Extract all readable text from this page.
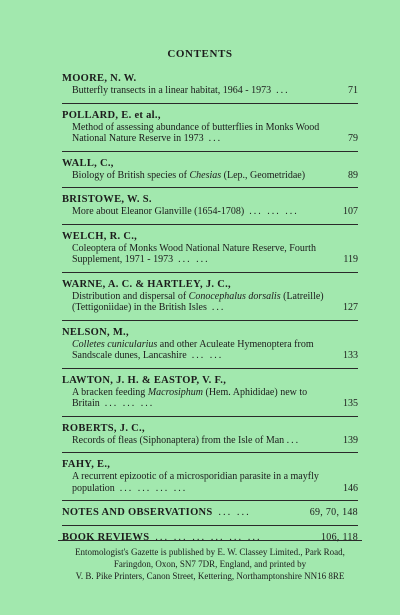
CONTENTS
MOORE, N. W.
Butterfly transects in a linear habitat, 1964 - 1973 ...	71
POLLARD, E. et al.,
Method of assessing abundance of butterflies in Monks Wood National Nature Reserve in 1973 ...	79
WALL, C.,
Biology of British species of Chesias (Lep., Geometridae)	89
BRISTOWE, W. S.
More about Eleanor Glanville (1654-1708) ... ... ...	107
WELCH, R. C.,
Coleoptera of Monks Wood National Nature Reserve, Fourth Supplement, 1971 - 1973 ... ...	119
WARNE, A. C. & HARTLEY, J. C.,
Distribution and dispersal of Conocephalus dorsalis (Latreille) (Tettigoniidae) in the British Isles ...	127
NELSON, M.,
Colletes cunicularius and other Aculeate Hymenoptera from Sandscale dunes, Lancashire ... ...	133
LAWTON, J. H. & EASTOP, V. F.,
A bracken feeding Macrosiphum (Hem. Aphididae) new to Britain ... ... ...	135
ROBERTS, J. C.,
Records of fleas (Siphonaptera) from the Isle of Man ...	139
FAHY, E.,
A recurrent epizootic of a microsporidian parasite in a mayfly population ... ... ... ...	146
NOTES AND OBSERVATIONS ... ...	69, 70, 148
BOOK REVIEWS ... ... ... ... ... ...	106, 118
Entomologist's Gazette is published by E. W. Classey Limited., Park Road,
Faringdon, Oxon, SN7 7DR, England, and printed by
V. B. Pike Printers, Canon Street, Kettering, Northamptonshire NN16 8RE
